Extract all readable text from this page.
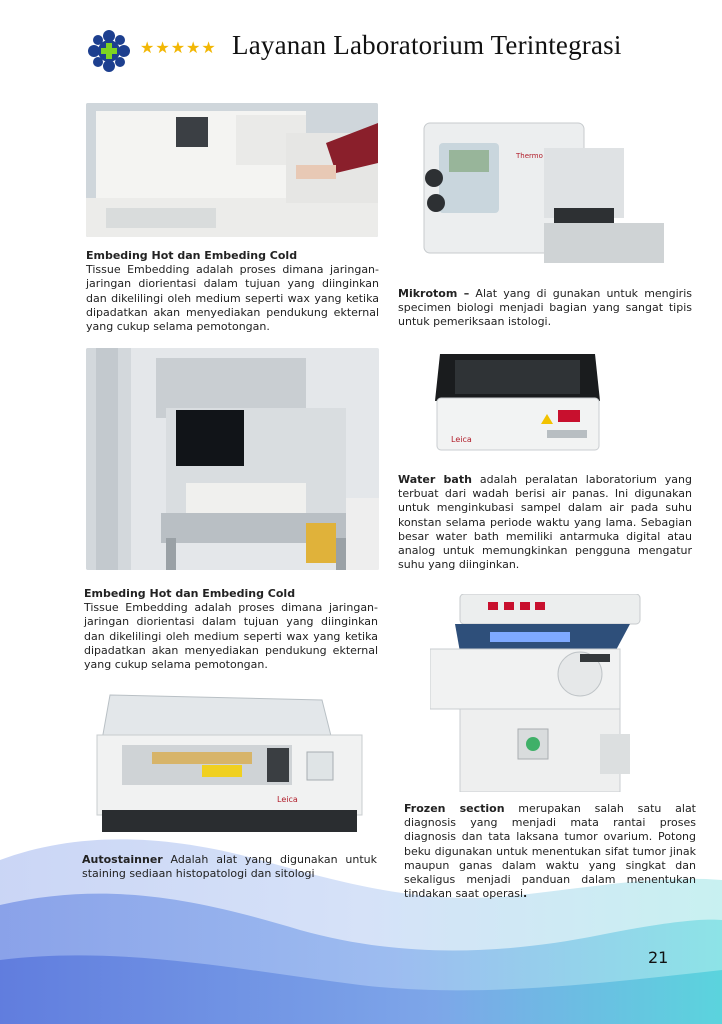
★★★★★ Layanan Laboratorium Terintegrasi
Embeding Hot dan Embeding Cold
Tissue Embedding adalah proses dimana jaringan-jaringan diorientasi dalam tujuan yang diinginkan dan dikelilingi oleh medium seperti wax yang ketika dipadatkan akan menyediakan pendukung ekternal yang cukup selama pemotongan.
Embeding Hot dan Embeding Cold
Tissue Embedding adalah proses dimana jaringan-jaringan diorientasi dalam tujuan yang diinginkan dan dikelilingi oleh medium seperti wax yang ketika dipadatkan akan menyediakan pendukung ekternal yang cukup selama pemotongan.
Leica
Autostainner Adalah alat yang digunakan untuk staining sediaan histopatologi dan sitologi
Thermo
Mikrotom – Alat yang di gunakan untuk mengiris specimen biologi menjadi bagian yang sangat tipis untuk pemeriksaan istologi.
Leica
Water bath adalah peralatan laboratorium yang terbuat dari wadah berisi air panas. Ini digunakan untuk menginkubasi sampel dalam air pada suhu konstan selama periode waktu yang lama. Sebagian besar water bath memiliki antarmuka digital atau analog untuk memungkinkan pengguna mengatur suhu yang diinginkan.
Frozen section merupakan salah satu alat diagnosis yang menjadi mata rantai proses diagnosis dan tata laksana tumor ovarium. Potong beku digunakan untuk menentukan sifat tumor jinak maupun ganas dalam waktu yang singkat dan sekaligus menjadi panduan dalam menentukan tindakan saat operasi.
21
